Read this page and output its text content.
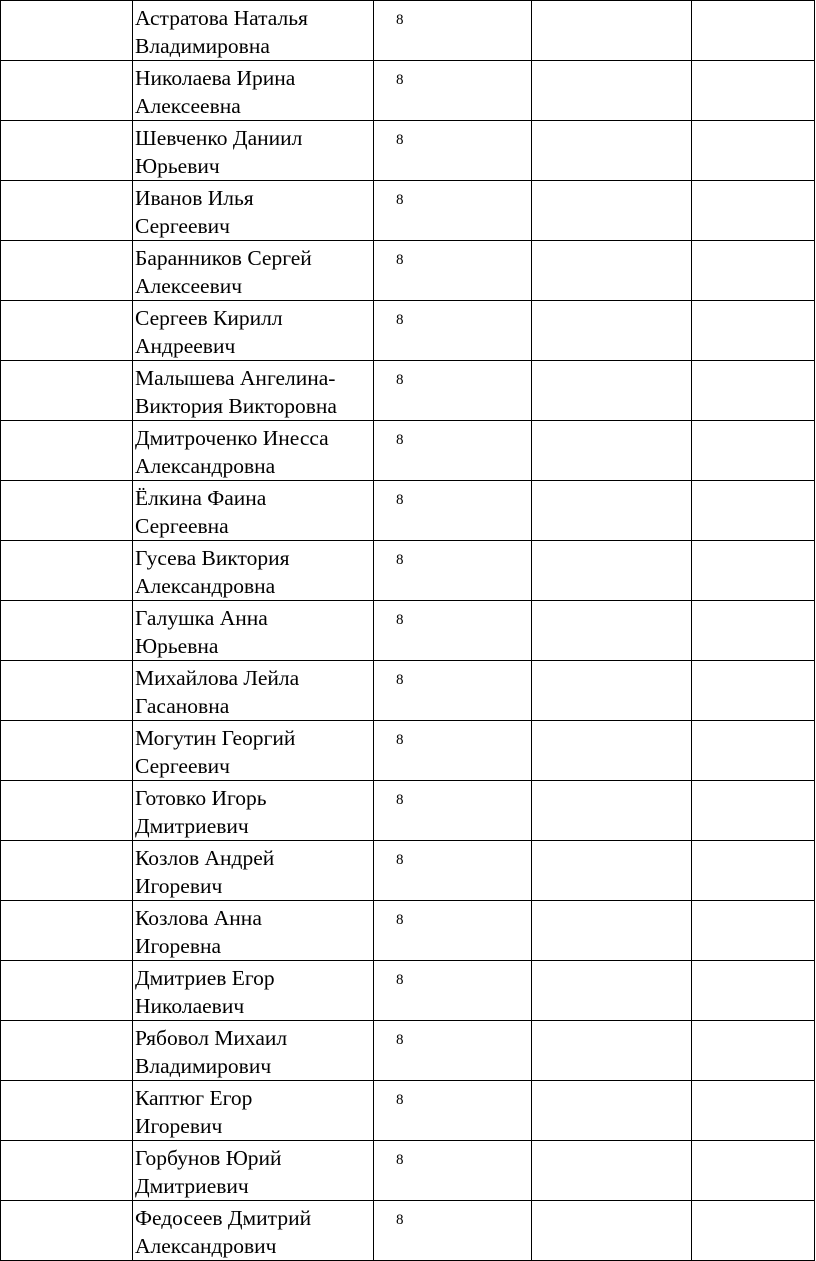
	Астратова Наталья
Владимировна	8		

	Николаева Ирина
Алексеевна	8		

	Шевченко Даниил
Юрьевич	8		

	Иванов Илья
Сергеевич	8		

	Баранников Сергей
Алексеевич	8		

	Сергеев Кирилл
Андреевич	8		

	Малышева Ангелина-
Виктория Викторовна	8		

	Дмитроченко Инесса
Александровна	8		

	Ёлкина Фаина
Сергеевна	8		

	Гусева Виктория
Александровна	8		

	Галушка Анна
Юрьевна	8		

	Михайлова Лейла
Гасановна	8		

	Могутин Георгий
Сергеевич	8		

	Готовко Игорь
Дмитриевич	8		

	Козлов Андрей
Игоревич	8		

	Козлова Анна
Игоревна	8		

	Дмитриев Егор
Николаевич	8		

	Рябовол Михаил
Владимирович	8		

	Каптюг Егор
Игоревич	8		

	Горбунов Юрий
Дмитриевич	8		

	Федосеев Дмитрий
Александрович	8		
